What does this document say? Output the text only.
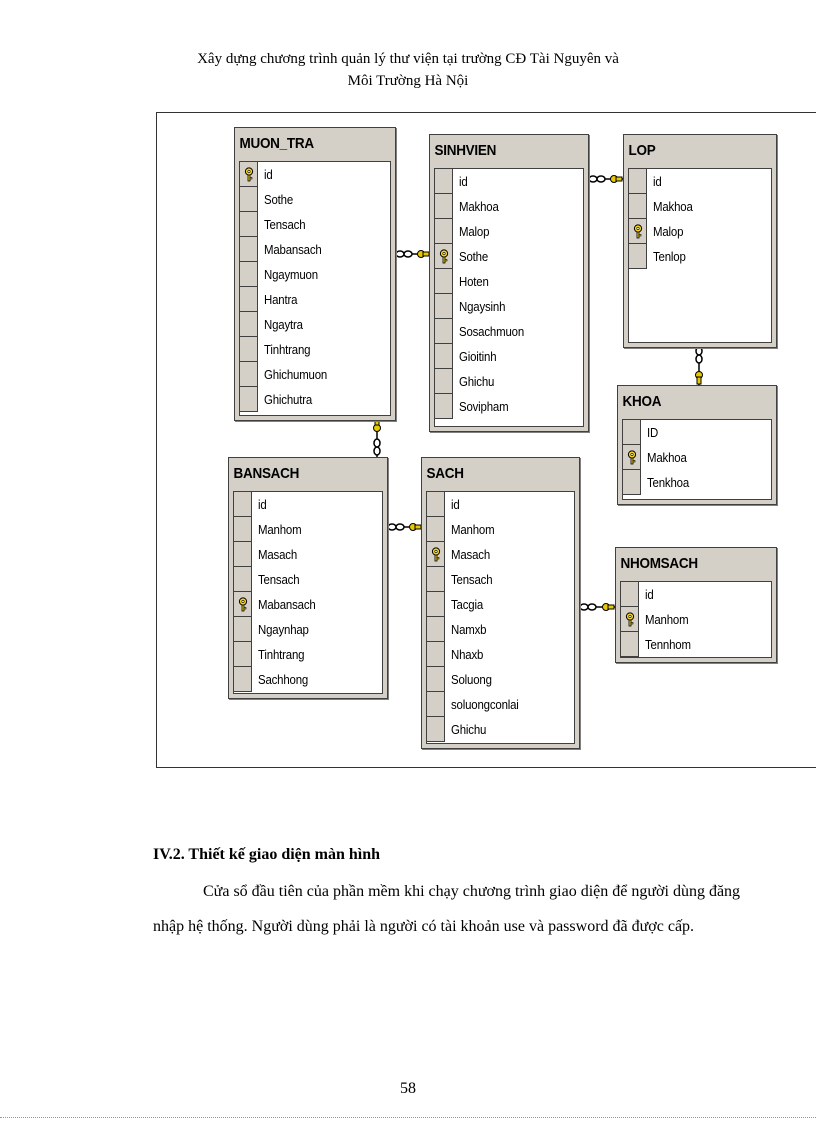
Xây dựng chương trình quản lý thư viện tại trường CĐ Tài Nguyên và
Môi Trường Hà Nội
MUON_TRA
id
Sothe
Tensach
Mabansach
Ngaymuon
Hantra
Ngaytra
Tinhtrang
Ghichumuon
Ghichutra
SINHVIEN
id
Makhoa
Malop
Sothe
Hoten
Ngaysinh
Sosachmuon
Gioitinh
Ghichu
Sovipham
LOP
id
Makhoa
Malop
Tenlop
KHOA
ID
Makhoa
Tenkhoa
BANSACH
id
Manhom
Masach
Tensach
Mabansach
Ngaynhap
Tinhtrang
Sachhong
SACH
id
Manhom
Masach
Tensach
Tacgia
Namxb
Nhaxb
Soluong
soluongconlai
Ghichu
NHOMSACH
id
Manhom
Tennhom
IV.2. Thiết kế giao diện màn hình
Cửa sổ đầu tiên của phần mềm khi chạy chương trình giao diện để người dùng đăng nhập hệ thống. Người dùng phải là người có tài khoản use và password đã được cấp.
58
